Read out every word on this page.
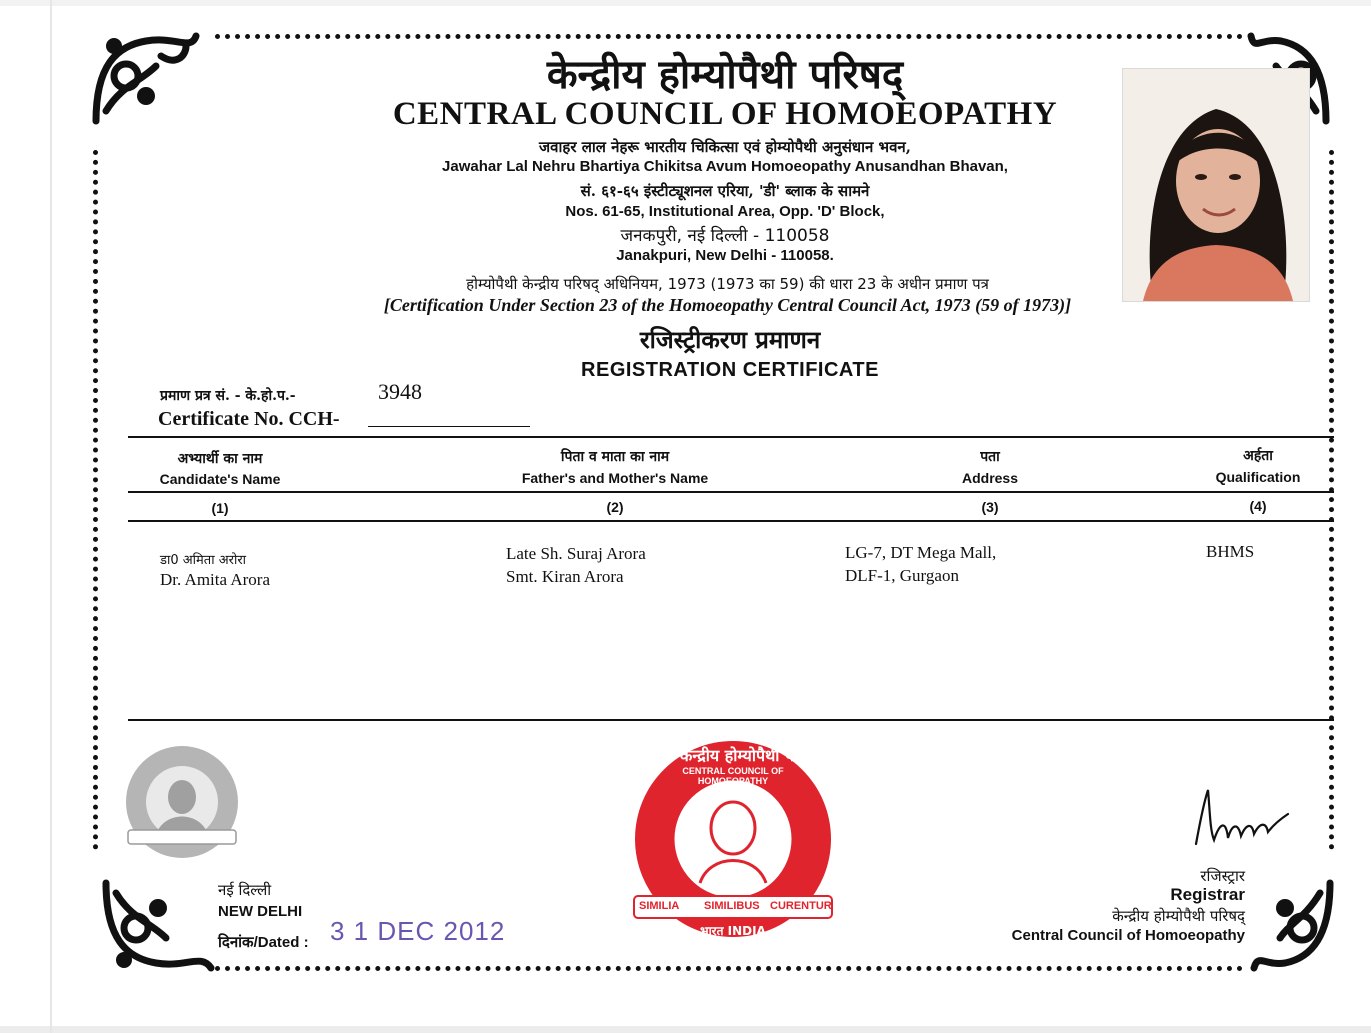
केन्द्रीय होम्योपैथी परिषद्
CENTRAL COUNCIL OF HOMOEOPATHY
जवाहर लाल नेहरू भारतीय चिकित्सा एवं होम्योपैथी अनुसंधान भवन,
Jawahar Lal Nehru Bhartiya Chikitsa Avum Homoeopathy Anusandhan Bhavan,
सं. ६१-६५ इंस्टीट्यूशनल एरिया, 'डी' ब्लाक के सामने
Nos. 61-65, Institutional Area, Opp. 'D' Block,
जनकपुरी, नई दिल्ली - 110058
Janakpuri, New Delhi - 110058.
होम्योपैथी केन्द्रीय परिषद् अधिनियम, 1973 (1973 का 59) की धारा 23 के अधीन प्रमाण पत्र
[Certification Under Section 23 of the Homoeopathy Central Council Act, 1973 (59 of 1973)]
रजिस्ट्रीकरण प्रमाणन
REGISTRATION CERTIFICATE
प्रमाण प्रत्र सं. - के.हो.प.-
Certificate No. CCH-
3948
अभ्यार्थी का नाम
Candidate's Name
(1)
पिता व माता का नाम
Father's and Mother's Name
(2)
पता
Address
(3)
अर्हता
Qualification
(4)
डा0 अमिता अरोरा
Dr. Amita Arora
Late Sh. Suraj Arora
Smt. Kiran Arora
LG-7, DT Mega Mall,
DLF-1, Gurgaon
BHMS
केन्द्रीय होम्योपैथी परिषद
CENTRAL COUNCIL OF HOMOEOPATHY
SIMILIA SIMILIBUS CURENTUR
भारत INDIA
नई दिल्ली
NEW DELHI
दिनांक/Dated : 3 1 DEC 2012
रजिस्ट्रार
Registrar
केन्द्रीय होम्योपैथी परिषद्
Central Council of Homoeopathy
